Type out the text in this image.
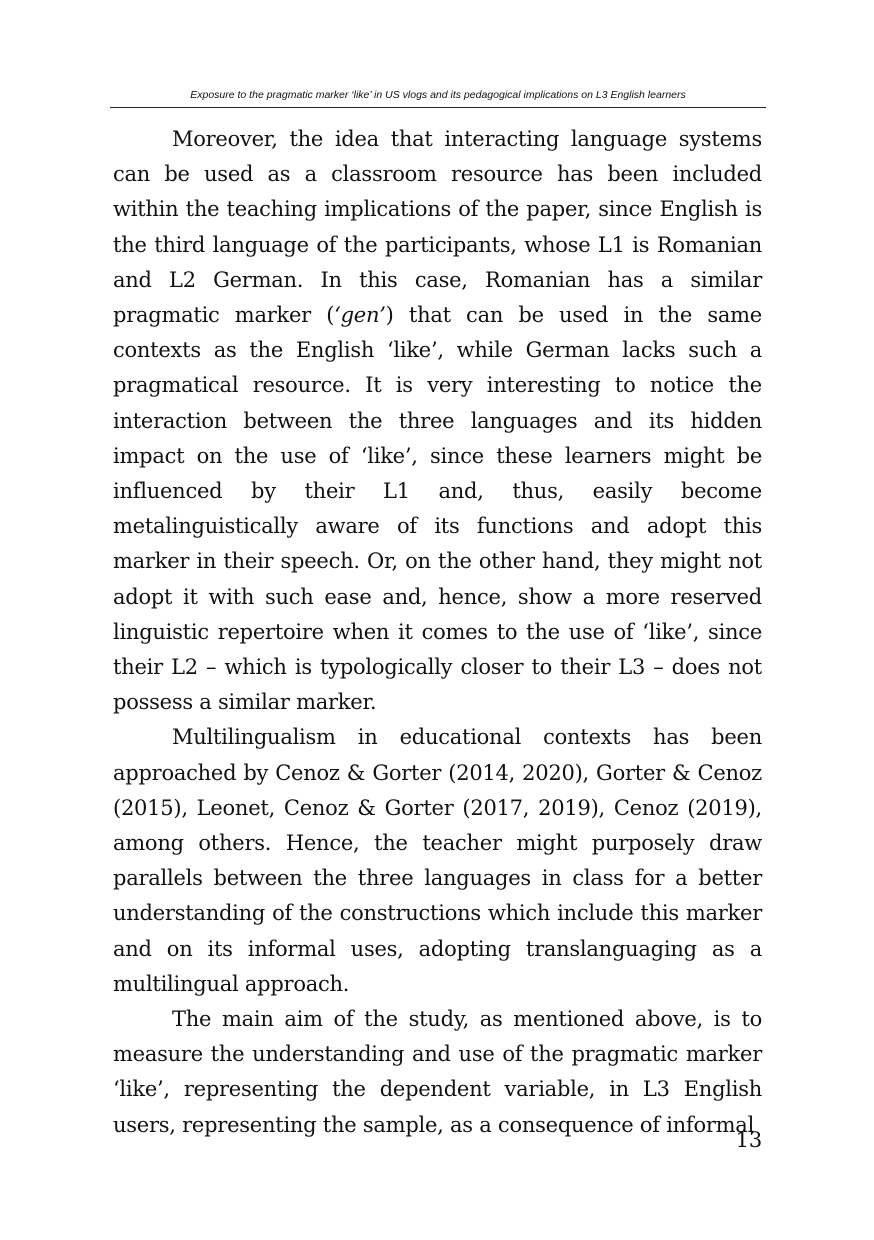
Exposure to the pragmatic marker ‘like’ in US vlogs and its pedagogical implications on L3 English learners

Moreover, the idea that interacting language systems can be used as a classroom resource has been included within the teaching implications of the paper, since English is the third language of the participants, whose L1 is Romanian and L2 German. In this case, Romanian has a similar pragmatic marker (‘gen’) that can be used in the same contexts as the English ‘like’, while German lacks such a pragmatical resource. It is very interesting to notice the interaction between the three languages and its hidden impact on the use of ‘like’, since these learners might be influenced by their L1 and, thus, easily become metalinguistically aware of its functions and adopt this marker in their speech. Or, on the other hand, they might not adopt it with such ease and, hence, show a more reserved linguistic repertoire when it comes to the use of ‘like’, since their L2 – which is typologically closer to their L3 – does not possess a similar marker.

Multilingualism in educational contexts has been approached by Cenoz & Gorter (2014, 2020), Gorter & Cenoz (2015), Leonet, Cenoz & Gorter (2017, 2019), Cenoz (2019), among others. Hence, the teacher might purposely draw parallels between the three languages in class for a better understanding of the constructions which include this marker and on its informal uses, adopting translanguaging as a multilingual approach.

The main aim of the study, as mentioned above, is to measure the understanding and use of the pragmatic marker ‘like’, representing the dependent variable, in L3 English users, representing the sample, as a consequence of informal

13
